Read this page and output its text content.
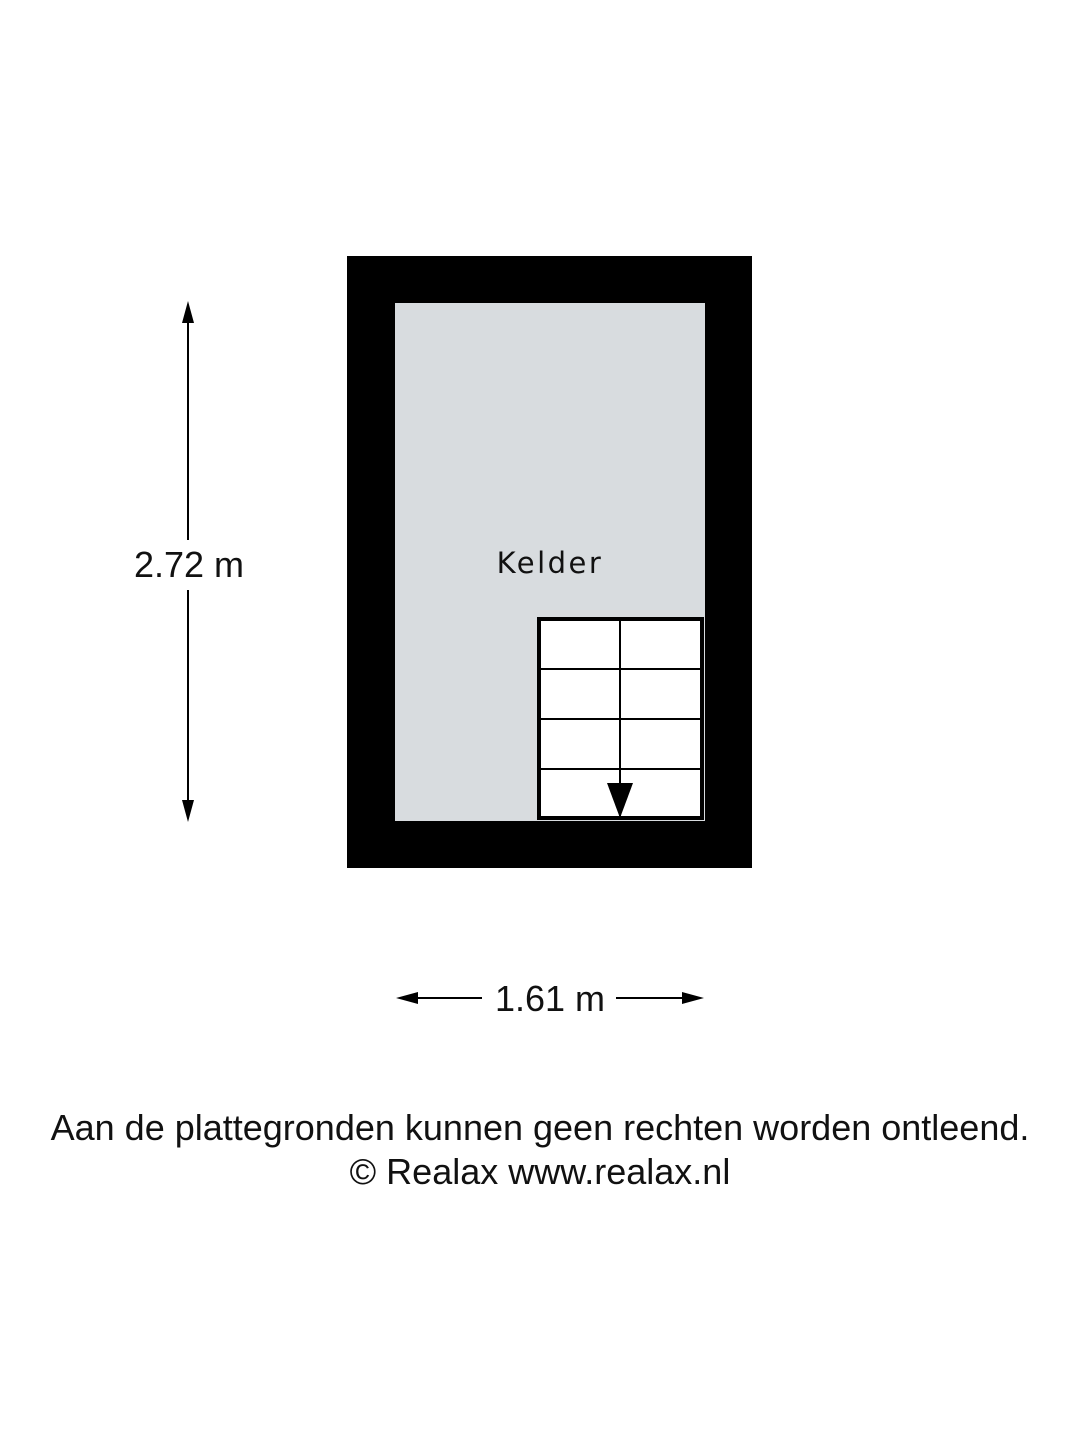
Kelder
2.72 m
1.61 m
Aan de plattegronden kunnen geen rechten worden ontleend.
© Realax www.realax.nl
